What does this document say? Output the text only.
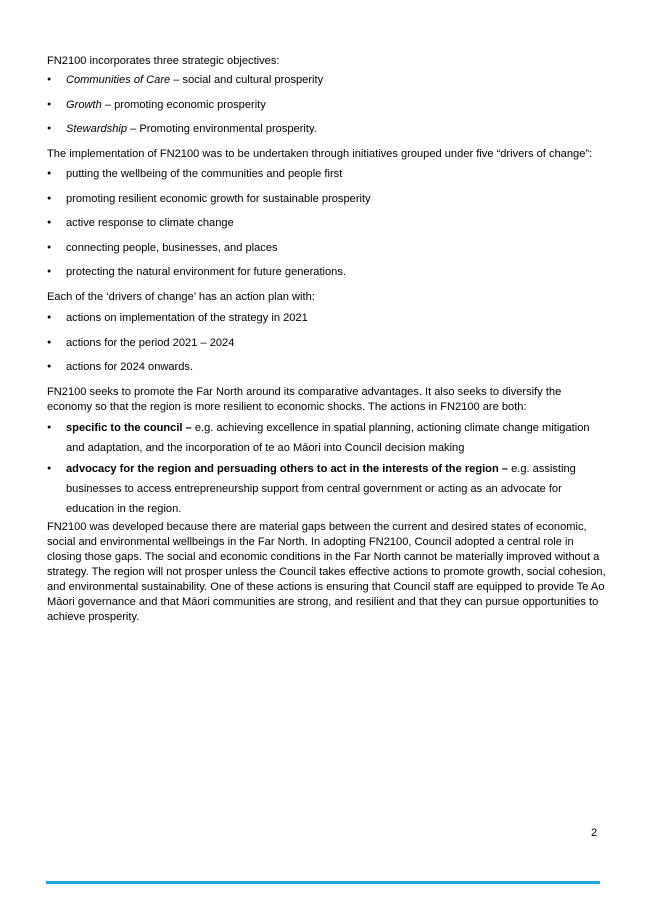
FN2100 incorporates three strategic objectives:

●

Communities of Care – social and cultural prosperity

●

Growth – promoting economic prosperity

●

Stewardship – Promoting environmental prosperity.

The implementation of FN2100 was to be undertaken through initiatives grouped under five “drivers of change”:

●

putting the wellbeing of the communities and people first

●

promoting resilient economic growth for sustainable prosperity

●

active response to climate change

●

connecting people, businesses, and places

●

protecting the natural environment for future generations.

Each of the ‘drivers of change’ has an action plan with:

●

actions on implementation of the strategy in 2021

●

actions for the period 2021 – 2024

●

actions for 2024 onwards.

FN2100 seeks to promote the Far North around its comparative advantages. It also seeks to diversify the economy so that the region is more resilient to economic shocks. The actions in FN2100 are both:

●

specific to the council – e.g. achieving excellence in spatial planning, actioning climate change mitigation and adaptation, and the incorporation of te ao Māori into Council decision making

●

advocacy for the region and persuading others to act in the interests of the region – e.g. assisting businesses to access entrepreneurship support from central government or acting as an advocate for education in the region.

FN2100 was developed because there are material gaps between the current and desired states of economic, social and environmental wellbeings in the Far North. In adopting FN2100, Council adopted a central role in closing those gaps. The social and economic conditions in the Far North cannot be materially improved without a strategy. The region will not prosper unless the Council takes effective actions to promote growth, social cohesion, and environmental sustainability. One of these actions is ensuring that Council staff are equipped to provide Te Ao Māori governance and that Māori communities are strong, and resilient and that they can pursue opportunities to achieve prosperity.

2
